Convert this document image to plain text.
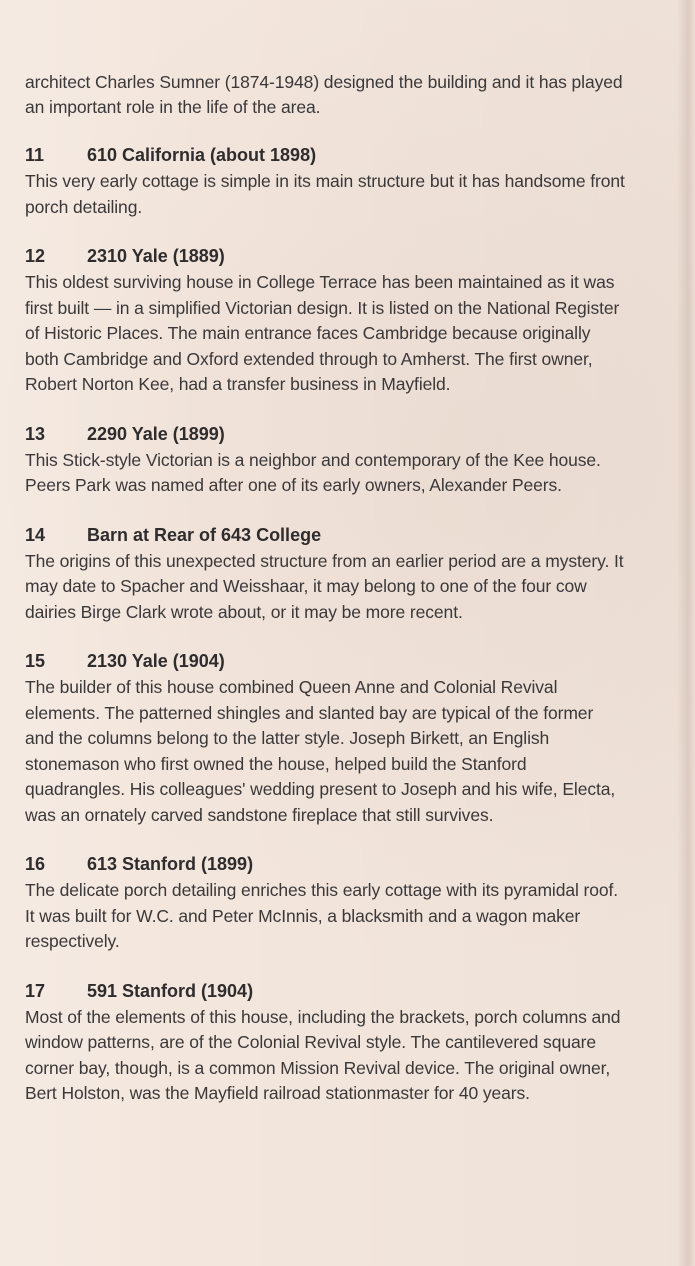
architect Charles Sumner (1874-1948) designed the building and it has played an important role in the life of the area.

11	610 California (about 1898)

This very early cottage is simple in its main structure but it has handsome front porch detailing.

12	2310 Yale (1889)

This oldest surviving house in College Terrace has been maintained as it was first built — in a simplified Victorian design. It is listed on the National Register of Historic Places. The main entrance faces Cambridge because originally both Cambridge and Oxford extended through to Amherst. The first owner, Robert Norton Kee, had a transfer business in Mayfield.

13	2290 Yale (1899)

This Stick-style Victorian is a neighbor and contemporary of the Kee house. Peers Park was named after one of its early owners, Alexander Peers.

14	Barn at Rear of 643 College

The origins of this unexpected structure from an earlier period are a mystery. It may date to Spacher and Weisshaar, it may belong to one of the four cow dairies Birge Clark wrote about, or it may be more recent.

15	2130 Yale (1904)

The builder of this house combined Queen Anne and Colonial Revival elements. The patterned shingles and slanted bay are typical of the former and the columns belong to the latter style. Joseph Birkett, an English stonemason who first owned the house, helped build the Stanford quadrangles. His colleagues' wedding present to Joseph and his wife, Electa, was an ornately carved sandstone fireplace that still survives.

16	613 Stanford (1899)

The delicate porch detailing enriches this early cottage with its pyramidal roof. It was built for W.C. and Peter McInnis, a blacksmith and a wagon maker respectively.

17	591 Stanford (1904)

Most of the elements of this house, including the brackets, porch columns and window patterns, are of the Colonial Revival style. The cantilevered square corner bay, though, is a common Mission Revival device. The original owner, Bert Holston, was the Mayfield railroad stationmaster for 40 years.
